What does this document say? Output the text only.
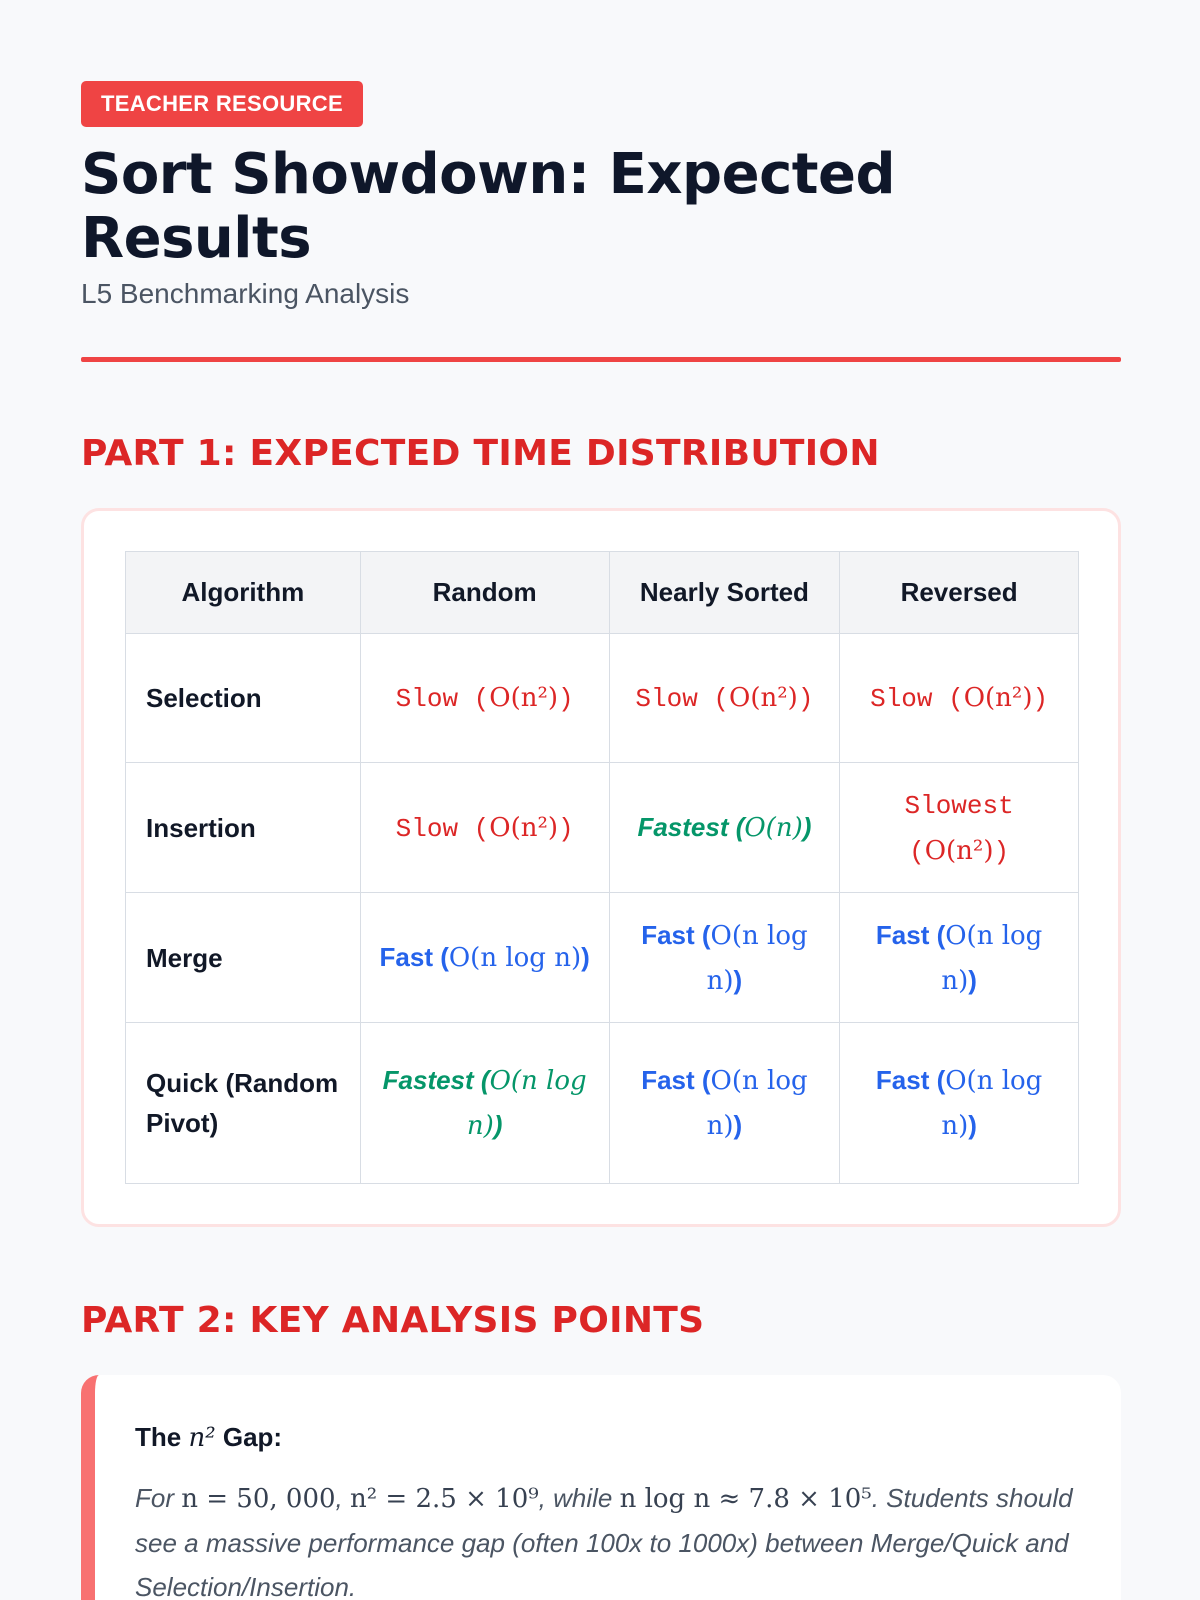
TEACHER RESOURCE
Sort Showdown: Expected Results
L5 Benchmarking Analysis
PART 1: EXPECTED TIME DISTRIBUTION
Algorithm	Random	Nearly Sorted	Reversed
Selection	Slow (O(n²))	Slow (O(n²))	Slow (O(n²))
Insertion	Slow (O(n²))	Fastest (O(n))	Slowest (O(n²))
Merge	Fast (O(n log n))	Fast (O(n log n))	Fast (O(n log n))
Quick (Random Pivot)	Fastest (O(n log n))	Fast (O(n log n))	Fast (O(n log n))
PART 2: KEY ANALYSIS POINTS
The n² Gap:

For n = 50, 000, n² = 2.5 × 10⁹, while n log n ≈ 7.8 × 10⁵. Students should see a massive performance gap (often 100x to 1000x) between Merge/Quick and Selection/Insertion.
